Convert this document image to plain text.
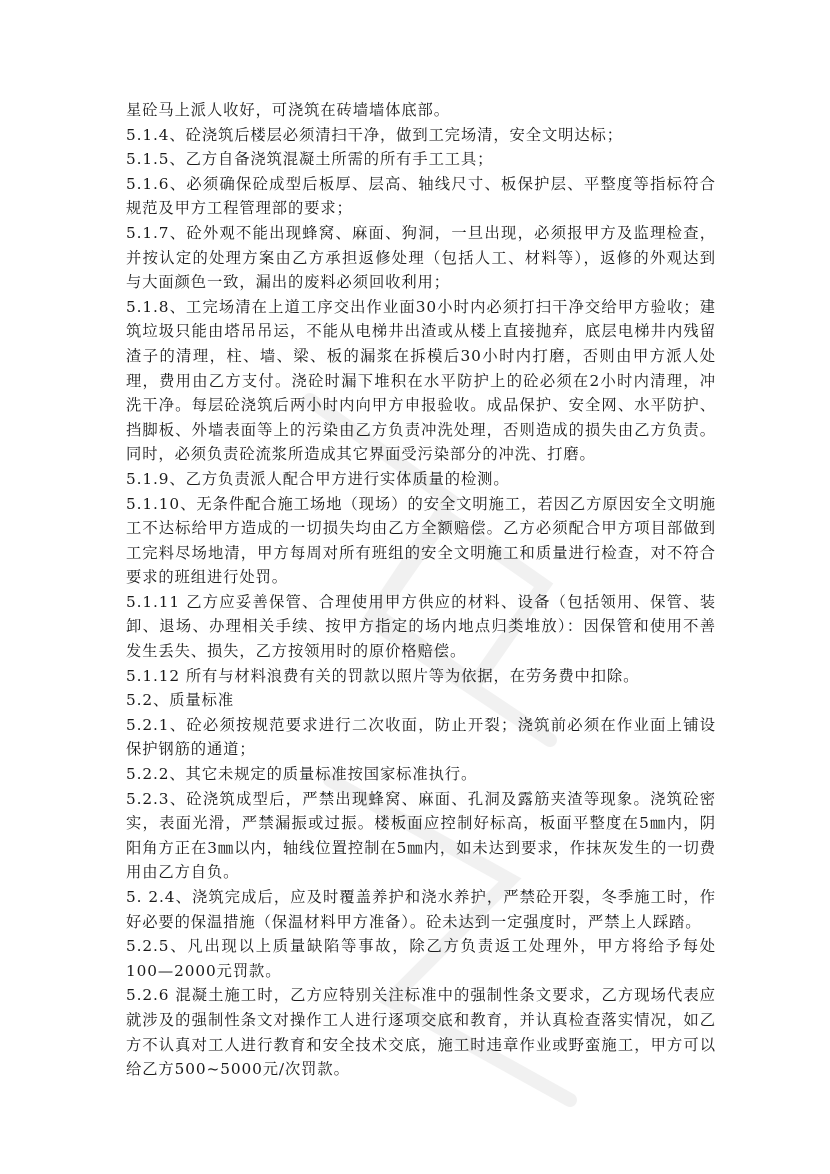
星砼马上派人收好，可浇筑在砖墙墙体底部。

5.1.4、砼浇筑后楼层必须清扫干净，做到工完场清，安全文明达标；

5.1.5、乙方自备浇筑混凝土所需的所有手工工具；

5.1.6、必须确保砼成型后板厚、层高、轴线尺寸、板保护层、平整度等指标符合规范及甲方工程管理部的要求；

5.1.7、砼外观不能出现蜂窝、麻面、狗洞，一旦出现，必须报甲方及监理检查，并按认定的处理方案由乙方承担返修处理（包括人工、材料等），返修的外观达到与大面颜色一致，漏出的废料必须回收利用；

5.1.8、工完场清在上道工序交出作业面30小时内必须打扫干净交给甲方验收；建筑垃圾只能由塔吊吊运，不能从电梯井出渣或从楼上直接抛弃，底层电梯井内残留渣子的清理，柱、墙、梁、板的漏浆在拆模后30小时内打磨，否则由甲方派人处理，费用由乙方支付。浇砼时漏下堆积在水平防护上的砼必须在2小时内清理，冲洗干净。每层砼浇筑后两小时内向甲方申报验收。成品保护、安全网、水平防护、挡脚板、外墙表面等上的污染由乙方负责冲洗处理，否则造成的损失由乙方负责。同时，必须负责砼流浆所造成其它界面受污染部分的冲洗、打磨。

5.1.9、乙方负责派人配合甲方进行实体质量的检测。

5.1.10、无条件配合施工场地（现场）的安全文明施工，若因乙方原因安全文明施工不达标给甲方造成的一切损失均由乙方全额赔偿。乙方必须配合甲方项目部做到工完料尽场地清，甲方每周对所有班组的安全文明施工和质量进行检查，对不符合要求的班组进行处罚。

5.1.11 乙方应妥善保管、合理使用甲方供应的材料、设备（包括领用、保管、装卸、退场、办理相关手续、按甲方指定的场内地点归类堆放）：因保管和使用不善发生丢失、损失，乙方按领用时的原价格赔偿。

5.1.12 所有与材料浪费有关的罚款以照片等为依据，在劳务费中扣除。

5.2、质量标准

5.2.1、砼必须按规范要求进行二次收面，防止开裂；浇筑前必须在作业面上铺设保护钢筋的通道；

5.2.2、其它未规定的质量标准按国家标准执行。

5.2.3、砼浇筑成型后，严禁出现蜂窝、麻面、孔洞及露筋夹渣等现象。浇筑砼密实，表面光滑，严禁漏振或过振。楼板面应控制好标高，板面平整度在5㎜内，阴阳角方正在3㎜以内，轴线位置控制在5㎜内，如未达到要求，作抹灰发生的一切费用由乙方自负。

5. 2.4、浇筑完成后，应及时覆盖养护和浇水养护，严禁砼开裂，冬季施工时，作好必要的保温措施（保温材料甲方准备）。砼未达到一定强度时，严禁上人踩踏。

5.2.5、凡出现以上质量缺陷等事故，除乙方负责返工处理外，甲方将给予每处 100—2000元罚款。

5.2.6 混凝土施工时，乙方应特别关注标准中的强制性条文要求，乙方现场代表应就涉及的强制性条文对操作工人进行逐项交底和教育，并认真检查落实情况，如乙方不认真对工人进行教育和安全技术交底，施工时违章作业或野蛮施工，甲方可以给乙方500~5000元/次罚款。
